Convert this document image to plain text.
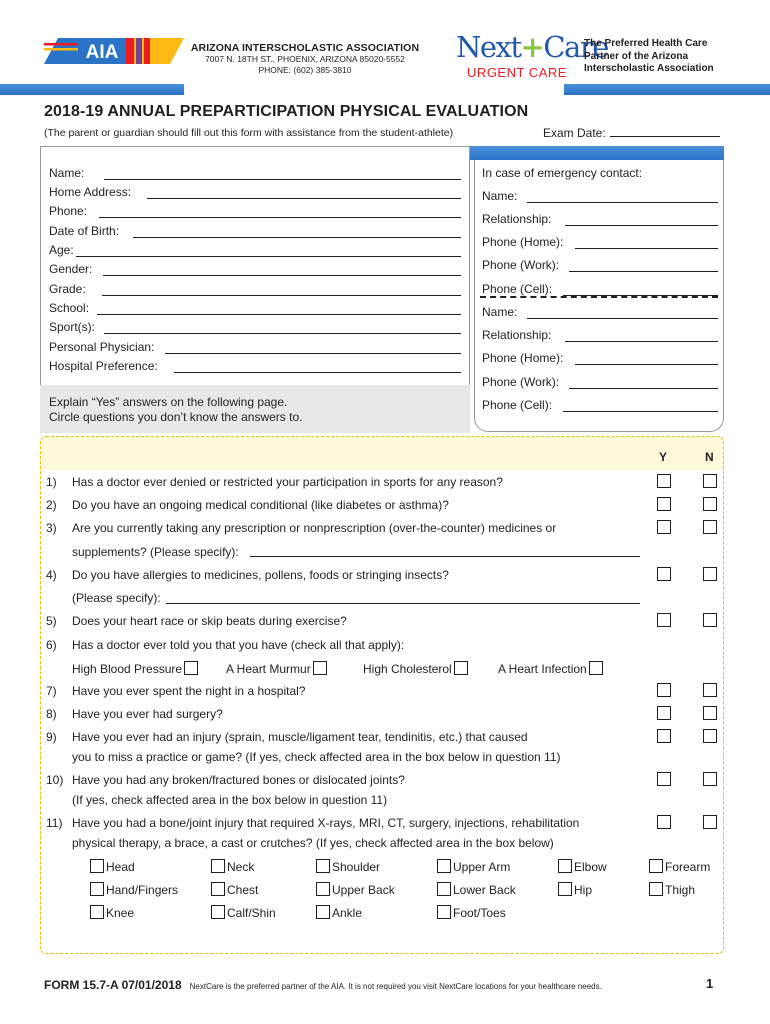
AIA	ARIZONA INTERSCHOLASTIC ASSOCIATION
7007 N. 18TH ST., PHOENIX, ARIZONA 85020-5552
PHONE: (602) 385-3810
Next+Care
URGENT CARE
The Preferred Health Care
Partner of the Arizona
Interscholastic Association
2018-19 ANNUAL PREPARTICIPATION PHYSICAL EVALUATION
(The parent or guardian should fill out this form with assistance from the student-athlete)	Exam Date:
Name:
Home Address:
Phone:
Date of Birth:
Age:
Gender:
Grade:
School:
Sport(s):
Personal Physician:
Hospital Preference:
Explain “Yes” answers on the following page.
Circle questions you don’t know the answers to.
In case of emergency contact:
Name:
Relationship:
Phone (Home):
Phone (Work):
Phone (Cell):
Name:
Relationship:
Phone (Home):
Phone (Work):
Phone (Cell):
Y	N
1) Has a doctor ever denied or restricted your participation in sports for any reason?
2) Do you have an ongoing medical conditional (like diabetes or asthma)?
3) Are you currently taking any prescription or nonprescription (over-the-counter) medicines or
supplements? (Please specify):
4) Do you have allergies to medicines, pollens, foods or stringing insects?
(Please specify):
5) Does your heart race or skip beats during exercise?
6) Has a doctor ever told you that you have (check all that apply):
High Blood Pressure	A Heart Murmur	High Cholesterol	A Heart Infection
7) Have you ever spent the night in a hospital?
8) Have you ever had surgery?
9) Have you ever had an injury (sprain, muscle/ligament tear, tendinitis, etc.) that caused
you to miss a practice or game? (If yes, check affected area in the box below in question 11)
10) Have you had any broken/fractured bones or dislocated joints?
(If yes, check affected area in the box below in question 11)
11) Have you had a bone/joint injury that required X-rays, MRI, CT, surgery, injections, rehabilitation
physical therapy, a brace, a cast or crutches? (If yes, check affected area in the box below)
Head	Neck	Shoulder	Upper Arm	Elbow	Forearm
Hand/Fingers	Chest	Upper Back	Lower Back	Hip	Thigh
Knee	Calf/Shin	Ankle	Foot/Toes
FORM 15.7-A 07/01/2018 NextCare is the preferred partner of the AIA. It is not required you visit NextCare locations for your healthcare needs.	1
